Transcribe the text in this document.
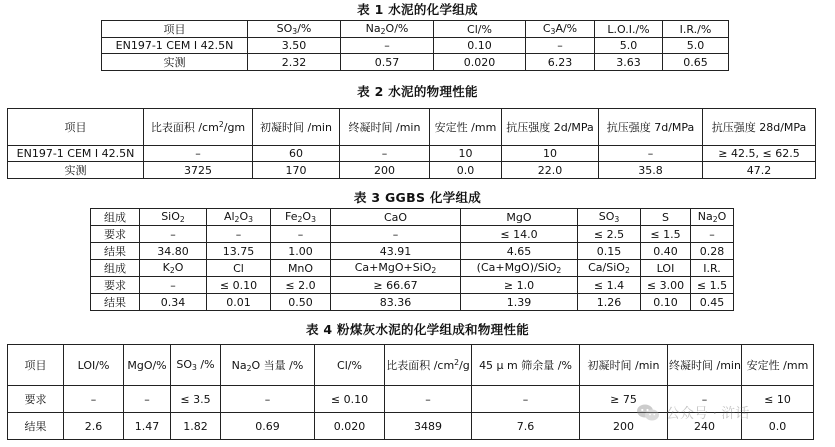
表 1 水泥的化学组成
项目	$SO_3/\%$	$Na_2O/\%$	Cl/%	$C_3A/\%$	L.O.I./%	I.R./%
EN197-1 CEM I 42.5N	3.50	–	0.10	–	5.0	5.0
实测	2.32	0.57	0.020	6.23	3.63	0.65
表 2 水泥的物理性能
项目	比表面积 $/cm^2/gm$	初凝时间 /min	终凝时间 /min	安定性 /mm	抗压强度 2d/MPa	抗压强度 7d/MPa	抗压强度 28d/MPa
EN197-1 CEM I 42.5N	–	60	–	10	10	–	≥ 42.5, ≤ 62.5
实测	3725	170	200	0.0	22.0	35.8	47.2
表 3 GGBS 化学组成
组成	SiO$_2$	$Al_2O_3$	$Fe_2O_3$	CaO	MgO	$SO_3$	S	$Na_2O$
要求	–	–	–	–	≤ 14.0	≤ 2.5	≤ 1.5	–
结果	34.80	13.75	1.00	43.91	4.65	0.15	0.40	0.28
组成	$K_2O$	Cl	MnO	Ca+MgO+SiO$_2$	(Ca+MgO)/SiO$_2$	Ca/SiO$_2$	LOI	I.R.
要求	–	≤ 0.10	≤ 2.0	≥ 66.67	≥ 1.0	≤ 1.4	≤ 3.00	≤ 1.5
结果	0.34	0.01	0.50	83.36	1.39	1.26	0.10	0.45
表 4 粉煤灰水泥的化学组成和物理性能
项目	LOI/%	MgO/%	$SO_3$ /%	$Na_2O$ 当量 /%	Cl/%	比表面积 $/cm^2/g$	45 μ m 筛余量 /%	初凝时间 /min	终凝时间 /min	安定性 /mm
要求	–	–	≤ 3.5	–	≤ 0.10	–	–	≥ 75	–	≤ 10
结果	2.6	1.47	1.82	0.69	0.020	3489	7.6	200	240	0.0
公众号 · 浒话
